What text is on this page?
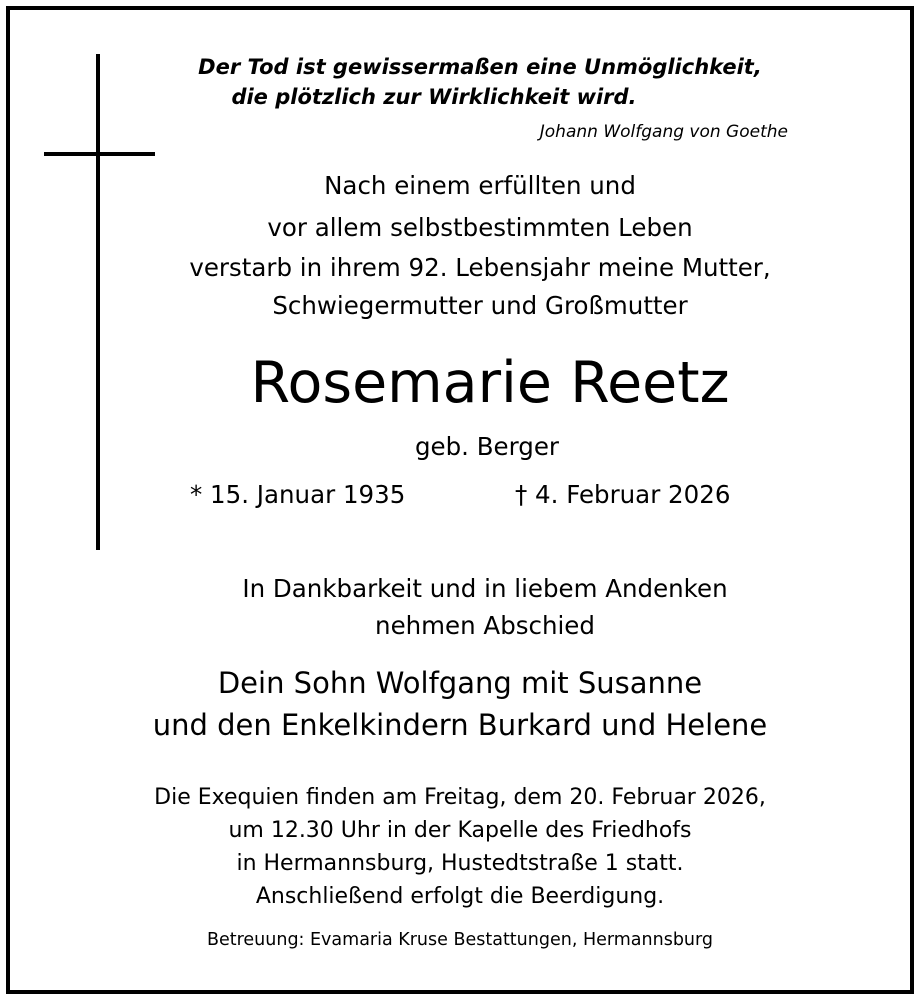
Der Tod ist gewissermaßen eine Unmöglichkeit,
die plötzlich zur Wirklichkeit wird.
Johann Wolfgang von Goethe
Nach einem erfüllten und
vor allem selbstbestimmten Leben
verstarb in ihrem 92. Lebensjahr meine Mutter,
Schwiegermutter und Großmutter
Rosemarie Reetz
geb. Berger
* 15. Januar 1935	† 4. Februar 2026
In Dankbarkeit und in liebem Andenken
nehmen Abschied
Dein Sohn Wolfgang mit Susanne
und den Enkelkindern Burkard und Helene
Die Exequien finden am Freitag, dem 20. Februar 2026,
um 12.30 Uhr in der Kapelle des Friedhofs
in Hermannsburg, Hustedtstraße 1 statt.
Anschließend erfolgt die Beerdigung.
Betreuung: Evamaria Kruse Bestattungen, Hermannsburg
